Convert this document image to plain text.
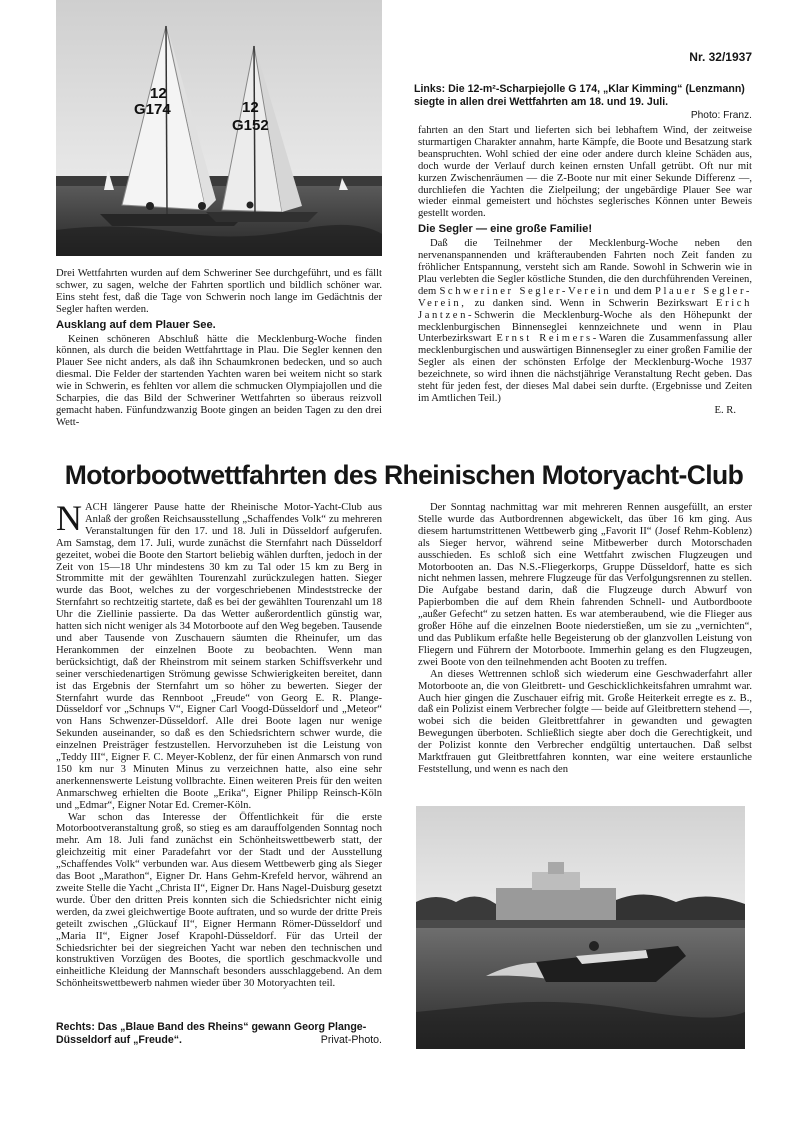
12
G174	12
G152
Nr. 32/1937
Links: Die 12-m²-Scharpiejolle G 174, „Klar Kimming“ (Lenzmann) siegte in allen drei Wettfahrten am 18. und 19. Juli.
Photo: Franz.

Drei Wettfahrten wurden auf dem Schweriner See durchgeführt, und es fällt schwer, zu sagen, welche der Fahrten sportlich und bildlich schöner war. Eins steht fest, daß die Tage von Schwerin noch lange im Gedächtnis der Segler haften werden.

Ausklang auf dem Plauer See.

Keinen schöneren Abschluß hätte die Mecklenburg-Woche finden können, als durch die beiden Wettfahrttage in Plau. Die Segler kennen den Plauer See nicht anders, als daß ihn Schaumkronen bedecken, und so auch diesmal. Die Felder der startenden Yachten waren bei weitem nicht so stark wie in Schwerin, es fehlten vor allem die schmucken Olympiajollen und die Scharpies, die das Bild der Schweriner Wettfahrten so überaus reizvoll gemacht haben. Fünfundzwanzig Boote gingen an beiden Tagen zu den drei Wett-

fahrten an den Start und lieferten sich bei lebhaftem Wind, der zeitweise sturmartigen Charakter annahm, harte Kämpfe, die Boote und Besatzung stark beanspruchten. Wohl schied der eine oder andere durch kleine Schäden aus, doch wurde der Verlauf durch keinen ernsten Unfall getrübt. Oft nur mit kurzen Zwischenräumen — die Z-Boote nur mit einer Sekunde Differenz —, durchliefen die Yachten die Zielpeilung; der ungebärdige Plauer See war wieder einmal gemeistert und höchstes seglerisches Können unter Beweis gestellt worden.

Die Segler — eine große Familie!

Daß die Teilnehmer der Mecklenburg-Woche neben den nervenanspannenden und kräfteraubenden Fahrten noch Zeit fanden zu fröhlicher Entspannung, versteht sich am Rande. Sowohl in Schwerin wie in Plau verlebten die Segler köstliche Stunden, die den durchführenden Vereinen, dem Schweriner Segler-Verein und dem Plauer Segler-Verein, zu danken sind. Wenn in Schwerin Bezirkswart Erich Jantzen-Schwerin die Mecklenburg-Woche als den Höhepunkt der mecklenburgischen Binnenseglei kennzeichnete und wenn in Plau Unterbezirkswart Ernst Reimers-Waren die Zusammenfassung aller mecklenburgischen und auswärtigen Binnensegler zu einer großen Familie der Segler als einen der schönsten Erfolge der Mecklenburg-Woche 1937 bezeichnete, so wird ihnen die nächstjährige Veranstaltung Recht geben. Das steht für jeden fest, der dieses Mal dabei sein durfte. (Ergebnisse und Zeiten im Amtlichen Teil.)

E. R.
Motorbootwettfahrten des Rheinischen Motoryacht-Club

NACH längerer Pause hatte der Rheinische Motor-Yacht-Club aus Anlaß der großen Reichsausstellung „Schaffendes Volk“ zu mehreren Veranstaltungen für den 17. und 18. Juli in Düsseldorf aufgerufen. Am Samstag, dem 17. Juli, wurde zunächst die Sternfahrt nach Düsseldorf gezeitet, wobei die Boote den Startort beliebig wählen durften, jedoch in der Zeit von 15—18 Uhr mindestens 30 km zu Tal oder 15 km zu Berg in Strommitte mit der gewählten Tourenzahl zurückzulegen hatten. Sieger wurde das Boot, welches zu der vorgeschriebenen Mindeststrecke der Sternfahrt so rechtzeitig startete, daß es bei der gewählten Tourenzahl um 18 Uhr die Ziellinie passierte. Da das Wetter außerordentlich günstig war, hatten sich nicht weniger als 34 Motorboote auf den Weg begeben. Tausende und aber Tausende von Zuschauern säumten die Rheinufer, um das Herankommen der einzelnen Boote zu beobachten. Wenn man berücksichtigt, daß der Rheinstrom mit seinem starken Schiffsverkehr und seiner verschiedenartigen Strömung gewisse Schwierigkeiten bereitet, dann ist das Ergebnis der Sternfahrt um so höher zu bewerten. Sieger der Sternfahrt wurde das Rennboot „Freude“ von Georg E. R. Plange-Düsseldorf vor „Schnups V“, Eigner Carl Voogd-Düsseldorf und „Meteor“ von Hans Schwenzer-Düsseldorf. Alle drei Boote lagen nur wenige Sekunden auseinander, so daß es den Schiedsrichtern schwer wurde, die einzelnen Preisträger festzustellen. Hervorzuheben ist die Leistung von „Teddy III“, Eigner F. C. Meyer-Koblenz, der für einen Anmarsch von rund 150 km nur 3 Minuten Minus zu verzeichnen hatte, also eine sehr anerkennenswerte Leistung vollbrachte. Einen weiteren Preis für den weiten Anmarschweg erhielten die Boote „Erika“, Eigner Philipp Reinsch-Köln und „Edmar“, Eigner Notar Ed. Cremer-Köln.

War schon das Interesse der Öffentlichkeit für die erste Motorbootveranstaltung groß, so stieg es am darauffolgenden Sonntag noch mehr. Am 18. Juli fand zunächst ein Schönheitswettbewerb statt, der gleichzeitig mit einer Paradefahrt vor der Stadt und der Ausstellung „Schaffendes Volk“ verbunden war. Aus diesem Wettbewerb ging als Sieger das Boot „Marathon“, Eigner Dr. Hans Gehm-Krefeld hervor, während an zweite Stelle die Yacht „Christa II“, Eigner Dr. Hans Nagel-Duisburg gesetzt wurde. Über den dritten Preis konnten sich die Schiedsrichter nicht einig werden, da zwei gleichwertige Boote auftraten, und so wurde der dritte Preis geteilt zwischen „Glückauf II“, Eigner Hermann Römer-Düsseldorf und „Maria II“, Eigner Josef Krapohl-Düsseldorf. Für das Urteil der Schiedsrichter bei der siegreichen Yacht war neben den technischen und konstruktiven Vorzügen des Bootes, die sportlich geschmackvolle und einheitliche Kleidung der Mannschaft besonders ausschlaggebend. An dem Schönheitswettbewerb nahmen wieder über 30 Motoryachten teil.

Rechts: Das „Blaue Band des Rheins“ gewann Georg Plange-Düsseldorf auf „Freude“.	Privat-Photo.

Der Sonntag nachmittag war mit mehreren Rennen ausgefüllt, an erster Stelle wurde das Autbordrennen abgewickelt, das über 16 km ging. Aus diesem hartumstrittenen Wettbewerb ging „Favorit II“ (Josef Rehm-Koblenz) als Sieger hervor, während seine Mitbewerber durch Motorschaden ausschieden. Es schloß sich eine Wettfahrt zwischen Flugzeugen und Motorbooten an. Das N.S.-Fliegerkorps, Gruppe Düsseldorf, hatte es sich nicht nehmen lassen, mehrere Flugzeuge für das Verfolgungsrennen zu stellen. Die Aufgabe bestand darin, daß die Flugzeuge durch Abwurf von Papierbomben die auf dem Rhein fahrenden Schnell- und Autbordboote „außer Gefecht“ zu setzen hatten. Es war atemberaubend, wie die Flieger aus großer Höhe auf die einzelnen Boote niederstießen, um sie zu „vernichten“, und das Publikum erfaßte helle Begeisterung ob der glanzvollen Leistung von Fliegern und Führern der Motorboote. Immerhin gelang es den Flugzeugen, zwei Boote von den teilnehmenden acht Booten zu treffen.

An dieses Wettrennen schloß sich wiederum eine Geschwaderfahrt aller Motorboote an, die von Gleitbrett- und Geschicklichkeitsfahren umrahmt war. Auch hier gingen die Zuschauer eifrig mit. Große Heiterkeit erregte es z. B., daß ein Polizist einem Verbrecher folgte — beide auf Gleitbrettern stehend —, wobei sich die beiden Gleitbrettfahrer in gewandten und gewagten Bewegungen überboten. Schließlich siegte aber doch die Gerechtigkeit, und der Polizist konnte den Verbrecher endgültig untertauchen. Daß selbst Marktfrauen gut Gleitbrettfahren konnten, war eine weitere erstaunliche Feststellung, und wenn es nach den
